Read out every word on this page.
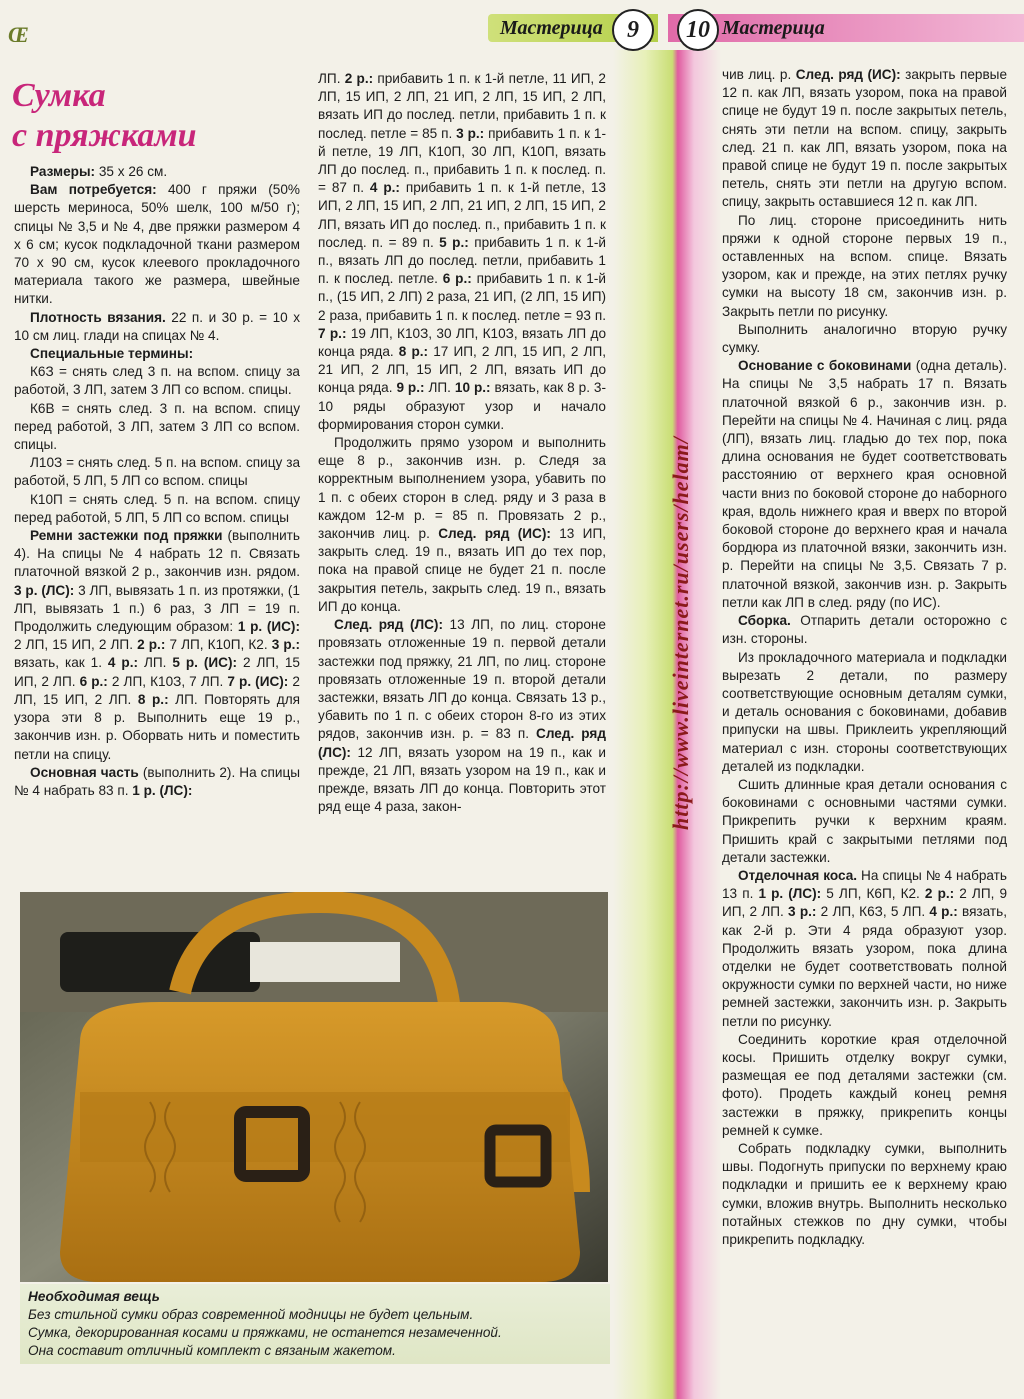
Œ	Мастерица	9	10 Мастерица
Сумка
с пряжками

Размеры: 35 х 26 см.

Вам потребуется: 400 г пряжи (50% шерсть мериноса, 50% шелк, 100 м/50 г); спицы № 3,5 и № 4, две пряжки размером 4 х 6 см; кусок подкладочной ткани размером 70 х 90 см, кусок клеевого прокладочного материала такого же размера, швейные нитки.

Плотность вязания. 22 п. и 30 р. = 10 х 10 см лиц. глади на спицах № 4.

Специальные термины:

К6З = снять след 3 п. на вспом. спицу за работой, 3 ЛП, затем 3 ЛП со вспом. спицы.

К6В = снять след. 3 п. на вспом. спицу перед работой, 3 ЛП, затем 3 ЛП со вспом. спицы.

Л10З = снять след. 5 п. на вспом. спицу за работой, 5 ЛП, 5 ЛП со вспом. спицы

К10П = снять след. 5 п. на вспом. спицу перед работой, 5 ЛП, 5 ЛП со вспом. спицы

Ремни застежки под пряжки (выполнить 4). На спицы № 4 набрать 12 п. Связать платочной вязкой 2 р., закончив изн. рядом. 3 р. (ЛС): 3 ЛП, вывязать 1 п. из протяжки, (1 ЛП, вывязать 1 п.) 6 раз, 3 ЛП = 19 п. Продолжить следующим образом: 1 р. (ИС): 2 ЛП, 15 ИП, 2 ЛП. 2 р.: 7 ЛП, К10П, К2. 3 р.: вязать, как 1. 4 р.: ЛП. 5 р. (ИС): 2 ЛП, 15 ИП, 2 ЛП. 6 р.: 2 ЛП, К10З, 7 ЛП. 7 р. (ИС): 2 ЛП, 15 ИП, 2 ЛП. 8 р.: ЛП. Повторять для узора эти 8 р. Выполнить еще 19 р., закончив изн. р. Оборвать нить и поместить петли на спицу.

Основная часть (выполнить 2). На спицы № 4 набрать 83 п. 1 р. (ЛС):

ЛП. 2 р.: прибавить 1 п. к 1-й петле, 11 ИП, 2 ЛП, 15 ИП, 2 ЛП, 21 ИП, 2 ЛП, 15 ИП, 2 ЛП, вязать ИП до послед. петли, прибавить 1 п. к послед. петле = 85 п. 3 р.: прибавить 1 п. к 1-й петле, 19 ЛП, К10П, 30 ЛП, К10П, вязать ЛП до послед. п., прибавить 1 п. к послед. п. = 87 п. 4 р.: прибавить 1 п. к 1-й петле, 13 ИП, 2 ЛП, 15 ИП, 2 ЛП, 21 ИП, 2 ЛП, 15 ИП, 2 ЛП, вязать ИП до послед. п., прибавить 1 п. к послед. п. = 89 п. 5 р.: прибавить 1 п. к 1-й п., вязать ЛП до послед. петли, прибавить 1 п. к послед. петле. 6 р.: прибавить 1 п. к 1-й п., (15 ИП, 2 ЛП) 2 раза, 21 ИП, (2 ЛП, 15 ИП) 2 раза, прибавить 1 п. к послед. петле = 93 п. 7 р.: 19 ЛП, К10З, 30 ЛП, К10З, вязать ЛП до конца ряда. 8 р.: 17 ИП, 2 ЛП, 15 ИП, 2 ЛП, 21 ИП, 2 ЛП, 15 ИП, 2 ЛП, вязать ИП до конца ряда. 9 р.: ЛП. 10 р.: вязать, как 8 р. 3-10 ряды образуют узор и начало формирования сторон сумки.

Продолжить прямо узором и выполнить еще 8 р., закончив изн. р. Следя за корректным выполнением узора, убавить по 1 п. с обеих сторон в след. ряду и 3 раза в каждом 12-м р. = 85 п. Провязать 2 р., закончив лиц. р. След. ряд (ИС): 13 ИП, закрыть след. 19 п., вязать ИП до тех пор, пока на правой спице не будет 21 п. после закрытия петель, закрыть след. 19 п., вязать ИП до конца.

След. ряд (ЛС): 13 ЛП, по лиц. стороне провязать отложенные 19 п. первой детали застежки под пряжку, 21 ЛП, по лиц. стороне провязать отложенные 19 п. второй детали застежки, вязать ЛП до конца. Связать 13 р., убавить по 1 п. с обеих сторон 8-го из этих рядов, закончив изн. р. = 83 п. След. ряд (ЛС): 12 ЛП, вязать узором на 19 п., как и прежде, 21 ЛП, вязать узором на 19 п., как и прежде, вязать ЛП до конца. Повторить этот ряд еще 4 раза, закон-

чив лиц. р. След. ряд (ИС): закрыть первые 12 п. как ЛП, вязать узором, пока на правой спице не будут 19 п. после закрытых петель, снять эти петли на вспом. спицу, закрыть след. 21 п. как ЛП, вязать узором, пока на правой спице не будут 19 п. после закрытых петель, снять эти петли на другую вспом. спицу, закрыть оставшиеся 12 п. как ЛП.

По лиц. стороне присоединить нить пряжи к одной стороне первых 19 п., оставленных на вспом. спице. Вязать узором, как и прежде, на этих петлях ручку сумки на высоту 18 см, закончив изн. р. Закрыть петли по рисунку.

Выполнить аналогично вторую ручку сумку.

Основание с боковинами (одна деталь). На спицы № 3,5 набрать 17 п. Вязать платочной вязкой 6 р., закончив изн. р. Перейти на спицы № 4. Начиная с лиц. ряда (ЛП), вязать лиц. гладью до тех пор, пока длина основания не будет соответствовать расстоянию от верхнего края основной части вниз по боковой стороне до наборного края, вдоль нижнего края и вверх по второй боковой стороне до верхнего края и начала бордюра из платочной вязки, закончить изн. р. Перейти на спицы № 3,5. Связать 7 р. платочной вязкой, закончив изн. р. Закрыть петли как ЛП в след. ряду (по ИС).

Сборка. Отпарить детали осторожно с изн. стороны.

Из прокладочного материала и подкладки вырезать 2 детали, по размеру соответствующие основным деталям сумки, и деталь основания с боковинами, добавив припуски на швы. Приклеить укрепляющий материал с изн. стороны соответствующих деталей из подкладки.

Сшить длинные края детали основания с боковинами с основными частями сумки. Прикрепить ручки к верхним краям. Пришить край с закрытыми петлями под детали застежки.

Отделочная коса. На спицы № 4 набрать 13 п. 1 р. (ЛС): 5 ЛП, К6П, К2. 2 р.: 2 ЛП, 9 ИП, 2 ЛП. 3 р.: 2 ЛП, К6З, 5 ЛП. 4 р.: вязать, как 2-й р. Эти 4 ряда образуют узор. Продолжить вязать узором, пока длина отделки не будет соответствовать полной окружности сумки по верхней части, но ниже ремней застежки, закончить изн. р. Закрыть петли по рисунку.

Соединить короткие края отделочной косы. Пришить отделку вокруг сумки, размещая ее под деталями застежки (см. фото). Продеть каждый конец ремня застежки в пряжку, прикрепить концы ремней к сумке.

Собрать подкладку сумки, выполнить швы. Подогнуть припуски по верхнему краю подкладки и пришить ее к верхнему краю сумки, вложив внутрь. Выполнить несколько потайных стежков по дну сумки, чтобы прикрепить подкладку.

http://www.liveinternet.ru/users/helam/
Необходимая вещь
Без стильной сумки образ современной модницы не будет цельным.
Сумка, декорированная косами и пряжками, не останется незамеченной.
Она составит отличный комплект с вязаным жакетом.
